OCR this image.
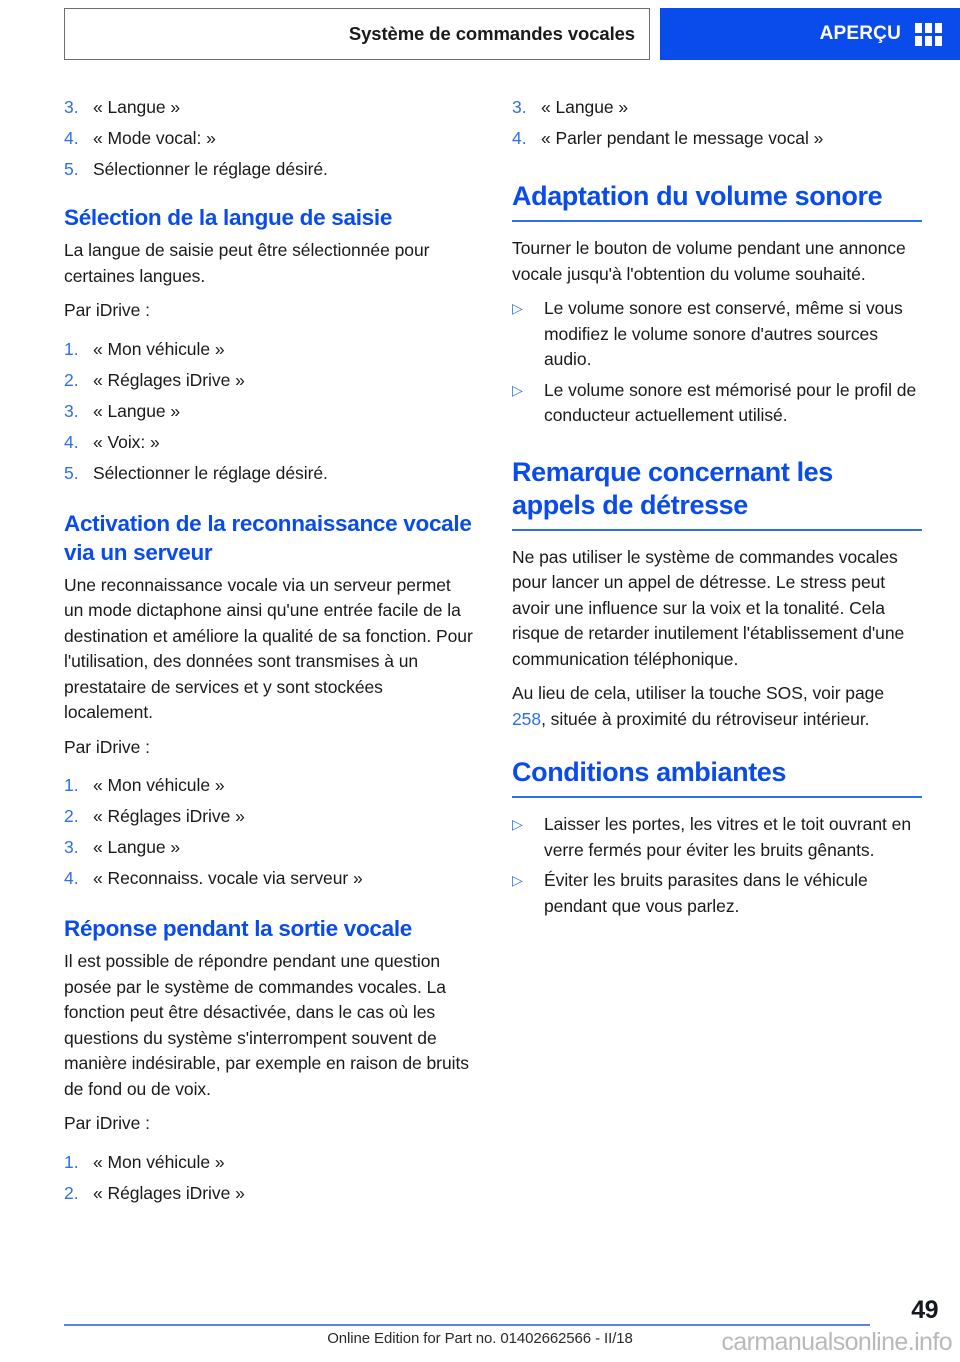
Système de commandes vocales	APERÇU
3. « Langue »
4. « Mode vocal: »
5. Sélectionner le réglage désiré.
Sélection de la langue de saisie

La langue de saisie peut être sélectionnée pour certaines langues.

Par iDrive :

1. « Mon véhicule »
2. « Réglages iDrive »
3. « Langue »
4. « Voix: »
5. Sélectionner le réglage désiré.
Activation de la reconnaissance vocale via un serveur

Une reconnaissance vocale via un serveur permet un mode dictaphone ainsi qu'une entrée facile de la destination et améliore la qualité de sa fonction. Pour l'utilisation, des données sont transmises à un prestataire de services et y sont stockées localement.

Par iDrive :

1. « Mon véhicule »
2. « Réglages iDrive »
3. « Langue »
4. « Reconnaiss. vocale via serveur »
Réponse pendant la sortie vocale

Il est possible de répondre pendant une question posée par le système de commandes vocales. La fonction peut être désactivée, dans le cas où les questions du système s'interrompent souvent de manière indésirable, par exemple en raison de bruits de fond ou de voix.

Par iDrive :

1. « Mon véhicule »
2. « Réglages iDrive »
3. « Langue »
4. « Parler pendant le message vocal »
Adaptation du volume sonore

Tourner le bouton de volume pendant une annonce vocale jusqu'à l'obtention du volume souhaité.

▷	Le volume sonore est conservé, même si vous modifiez le volume sonore d'autres sources audio.
▷	Le volume sonore est mémorisé pour le profil de conducteur actuellement utilisé.
Remarque concernant les appels de détresse

Ne pas utiliser le système de commandes vocales pour lancer un appel de détresse. Le stress peut avoir une influence sur la voix et la tonalité. Cela risque de retarder inutilement l'établissement d'une communication téléphonique.

Au lieu de cela, utiliser la touche SOS, voir page 258, située à proximité du rétroviseur intérieur.

Conditions ambiantes
▷	Laisser les portes, les vitres et le toit ouvrant en verre fermés pour éviter les bruits gênants.
▷	Éviter les bruits parasites dans le véhicule pendant que vous parlez.
49
Online Edition for Part no. 01402662566 - II/18	carmanualsonline.info
